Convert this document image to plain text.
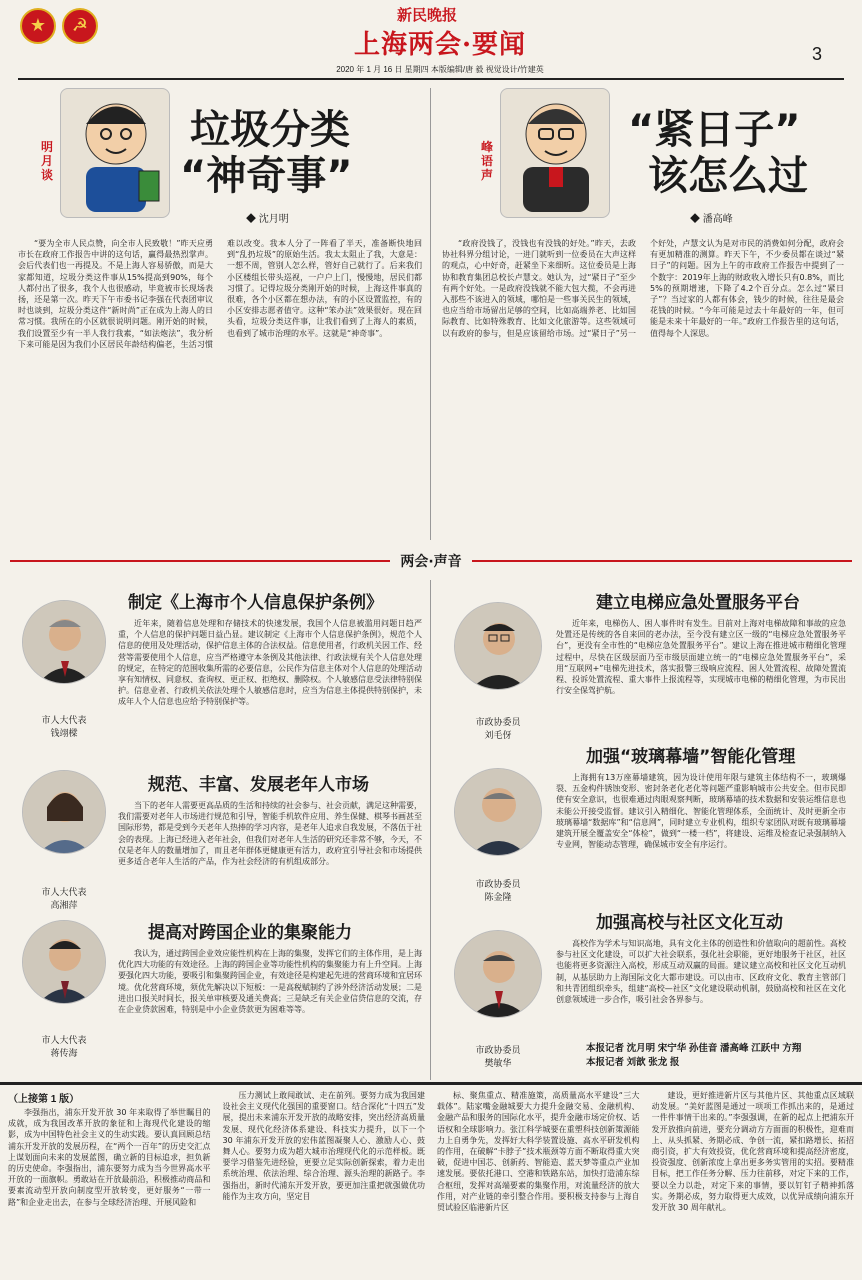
★	☭	新民晚报
上海两会·要闻	3
2020 年 1 月 16 日 星期四 本版编辑/唐 毅 视觉设计/竹建英
明月谈
垃圾分类
“神奇事”
◆ 沈月明
“要为全市人民点赞，向全市人民致敬！”昨天应勇市长在政府工作报告中讲的这句话，赢得最热烈掌声。会后代表们也一再提及。不是上海人容易骄傲，而是大家都知道，垃圾分类这件事从15%提高到90%，每个人都付出了很多，我个人也很感动，毕竟被市长现场表扬，还是第一次。昨天下午市委书记李强在代表团审议时也谈到，垃圾分类这件“新时尚”正在成为上海人的日常习惯。我所在的小区就很说明问题。刚开始的时候，我们设置至少有一半人我行我素，“如法炮法”，我分析下来可能是因为我们小区居民年龄结构偏老，生活习惯难以改变。我本人分了一阵看了半天，准备断快地回到“乱扔垃圾”的原始生活。我太太阻止了我，大意是：一想不周，管别人怎么样，管好自己就行了。后来我们小区楼组长带头巡视，一户户上门，慢慢地，居民们都习惯了。记得垃圾分类刚开始的时候，上海这件事真的很难，各个小区都在想办法，有的小区设置监控，有的小区安排志愿者值守。这种“笨办法”效果很好。现在回头看，垃圾分类这件事，让我们看到了上海人的素质，也看到了城市治理的水平。这就是“神奇事”。
峰语声
“紧日子”
该怎么过
◆ 潘高峰
“政府没钱了，没钱也有没钱的好处。”昨天，去政协社科界分组讨论，一进门就听到一位委员在大声这样的观点，心中好奇，赶紧坐下来细听。这位委员是上海协和教育集团总校长卢慧文。她认为，过“紧日子”至少有两个好处。一是政府没钱就不能大包大揽，不会再进入那些不该进入的领域，哪怕是一些事关民生的领域，也应当给市场留出足够的空间，比如高端养老、比如国际教育、比如特殊教育、比如文化旅游等。这些领域可以有政府的参与，但是应该留给市场。过“紧日子”另一个好处，卢慧文认为是对市民的消费如何分配，政府会有更加精准的测算。昨天下午，不少委员都在谈过“紧日子”的问题。因为上午的市政府工作报告中提到了一个数字：2019年上海的财政收入增长只有0.8%，而比5%的预期增速，下降了4.2个百分点。怎么过“紧日子”？当过家的人都有体会，钱少的时候，往往是最会花钱的时候。“今年可能是过去十年最好的一年，但可能是未来十年最好的一年。”政府工作报告里的这句话，值得每个人深思。
两会·声音
市人大代表
钱翊樑
制定《上海市个人信息保护条例》
近年来，随着信息处理和存储技术的快速发展，我国个人信息被滥用问题日趋严重，个人信息的保护问题日益凸显。建议制定《上海市个人信息保护条例》，规范个人信息的使用及处理活动，保护信息主体的合法权益。信息使用者，行政机关因工作、经营等需要使用个人信息，应当严格遵守本条例及其他法律、行政法规有关个人信息处理的规定，在特定的范围收集所需的必要信息，公民作为信息主体对个人信息的处理活动享有知情权、同意权、查询权、更正权、拒绝权、删除权。个人敏感信息受法律特别保护。信息业者、行政机关依法处理个人敏感信息时，应当为信息主体提供特别保护，未成年人个人信息也应给予特别保护等。
市人大代表
高湘萍
规范、丰富、发展老年人市场
当下的老年人需要更高品质的生活和持续的社会参与、社会贡献，满足这种需要，我们需要对老年人市场进行规范和引导，智能手机软件应用、养生保健、棋琴书画甚至国际形势，都是受到今天老年人热捧的学习内容，是老年人追求自我发展，不落伍于社会的表现。上海已经进入老年社会，但我们对老年人生活的研究还非常不够，今天，不仅是老年人的数量增加了，而且老年群体更健康更有活力，政府宜引导社会和市场提供更多适合老年人生活的产品，作为社会经济的有机组成部分。
市人大代表
蒋传海
提高对跨国企业的集聚能力
我认为，通过跨国企业效应能性机构在上海的集聚，发挥它们的主体作用，是上海优化四大功能的有效途径。上海的跨国企业等功能性机构的集聚能力有上升空间。上海要强化四大功能，要吸引和集聚跨国企业，有效途径是构建起先进的营商环境和宜居环境。优化营商环境，须优先解决以下短板：一是高税赋制约了涉外经济活动发展；二是进出口报关时间长，报关单审核要及通关费高；三是缺乏有关企业信贷信息的交流，存在企业贷款困难，特别是中小企业贷款更为困难等等。
建立电梯应急处置服务平台
近年来，电梯伤人、困人事件时有发生。目前对上海对电梯故障和事故的应急处置还是传统的各自来回的老办法，至今没有建立区一级的“电梯应急处置服务平台”，更没有全市性的“电梯应急处置服务平台”。建议上海在推进城市精细化管理过程中，尽快在区级层面乃至市级层面建立统一的“电梯应急处置服务平台”，采用“互联网+”电梯先进技术，落实报警三级响应流程、困人处置流程、故障处置流程、投诉处置流程、重大事件上报流程等，实现城市电梯的精细化管理，为市民出行安全保驾护航。
市政协委员
刘毛伢
加强“玻璃幕墙”智能化管理
上海拥有13万座幕墙建筑，因为设计使用年限与建筑主体结构不一，玻璃爆裂、五金构件锈蚀变形、密封条老化老化等问题严重影响城市公共安全。但市民即使有安全意识，也很难通过肉眼观察判断，玻璃幕墙的技术数据和安装运维信息也未能公开接受监督。建议引入精细化、智能化管理体系，全面统计、及时更新全市玻璃幕墙“数据库”和“信息网”，同时建立专业机构，组织专家团队对既有玻璃幕墙建筑开展全覆盖安全“体检”，做到“一楼一档”，将建设、运维及检查记录强制纳入专业网，智能动态管理，确保城市安全有序运行。
市政协委员
陈金隆
加强高校与社区文化互动
高校作为学术与知识高地，具有文化主体的创造性和价值取向的超前性。高校参与社区文化建设，可以扩大社会联系，强化社会职能，更好地服务于社区，社区也能将更多资源注入高校，形成互动双赢的局面。建议建立高校和社区文化互动机制，从基层助力上海国际文化大都市建设。可以由市、区政府文化、教育主管部门和共青团组织牵头，组建“高校—社区”文化建设联动机制，鼓励高校和社区在文化创意领域进一步合作，吸引社会各界参与。
市政协委员
樊敏华
本报记者 沈月明 宋宁华 孙佳音 潘高峰 江跃中 方翔
本报记者 刘歆 张龙 报
（上接第 1 版）
李强指出，浦东开发开放 30 年来取得了举世瞩目的成就，成为我国改革开放的象征和上海现代化建设的缩影，成为中国特色社会主义的生动实践。要认真回顾总结浦东开发开放的发展历程，在“两个一百年”的历史交汇点上谋划面向未来的发展蓝图，确立新的目标追求，担负新的历史使命。李强指出，浦东要努力成为当今世界高水平开放的一面旗帜。勇敢站在开放最前沿，积极推动商品和要素流动型开放向制度型开放转变，更好服务“一带一路”和企业走出去，在参与全球经济治理、开展风险和
压力测试上敢闯敢试、走在前列。要努力成为我国建设社会主义现代化强国的重要窗口。结合深化“十四五”发展，提出未来浦东开发开放的战略安排，突出经济高质量发展、现代化经济体系建设、科技实力提升，以下一个 30 年浦东开发开放的宏伟蓝图凝聚人心、激励人心、鼓舞人心。要努力成为超大城市治理现代化的示范样板。既要学习借鉴先进经验，更要立足实际创新探索，着力走出系统治理、依法治理、综合治理、源头治理的新路子。李强指出，新时代浦东开发开放，要更加注重把就强做优功能作为主攻方向，坚定目
标、聚焦重点、精准施策，高质量高水平建设“三大载体”。陆家嘴金融城要大力提升金融交易、金融机构、金融产品和服务的国际化水平，提升金融市场定价权、话语权和全球影响力。张江科学城要在重塑科技创新策源能力上自勇争先，发挥好大科学装置设施、高水平研发机构的作用，在破解“卡脖子”技术瓶颈等方面不断取得重大突破，促进中国芯、创新药、智能造、蓝天梦等重点产业加速发展。要依托港口、空港和铁路东站，加快打造浦东综合枢纽，发挥对高端要素的集聚作用，对流量经济的放大作用，对产业链的牵引整合作用。要积极支持参与上海自贸试验区临港新片区
建设，更好推进新片区与其他片区、其他重点区域联动发展。“美好蓝图是通过一项项工作抓出来的，是通过一件件事情干出来的。”李强强调，在新的起点上把浦东开发开放推向前进，要充分调动方方面面的积极性，迎难而上、从头抓紧、务期必成、争创一流，紧扣路增长、拓招商引资，扩大有效投资，优化营商环境和提高经济密度，投资强度、创新浓度上拿出更多务实管用的实招。要精准目标，把工作任务分解、压力往前移，对定下来的工作，要以全力以赴，对定下来的事情，要以钉钉子精神抓落实。务期必成，努力取得更大成效，以优异成绩向浦东开发开放 30 周年献礼。
